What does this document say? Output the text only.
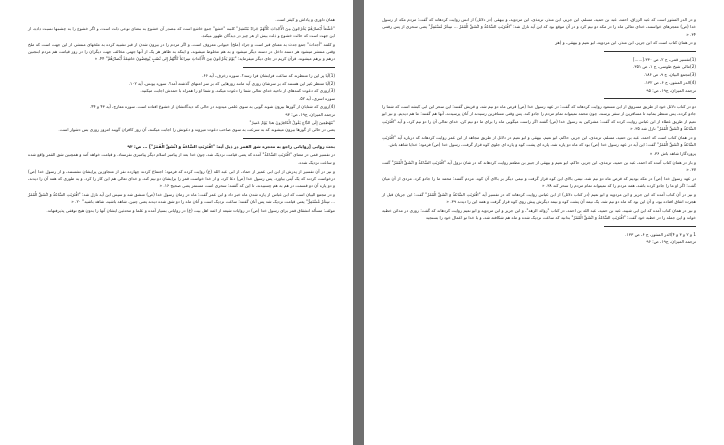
همان داوری و پاداش و کیفر است.

"خُشَّعاً أَبْصارُهُمْ يَخْرُجُونَ مِنَ الْأَجْداثِ كَأَنَّهُمْ جَرادٌ مُنْتَشِرٌ" کلمه "خشع" جمع خاشع است که مصدر آن خشوع به معنای نوعی ذلت است، و اگر خشوع را به چشمها نسبت داده، از این جهت است که حالت خشوع و ذلت بیش از هر چیز در دیدگان ظهور میکند.

و کلمه "أجداث" جمع جدث به معنای قبر است و جراد (ملخ) حیوانی معروف است، و اگر مردم را در بیرون شدن از قبر تشبیه کرده به ملخهای منتشر، از این جهت است که ملخ وقتی منتشر میشود هر دسته داخل در دسته دیگر میشود و به هم مخلوط میشوند، و اینکه به ظاهر هر یک از آنها جهتی مخالف جهت دیگران را در روز قیامت هم مردم ابنجنین درهم و برهم میشوند. قرآن کریم در جای دیگر میفرماید: "يَوْمَ يَخْرُجُونَ مِنَ الْأَجْداثِ سِراعاً كَأَنَّهُمْ إِلى نُصُبٍ يُوفِضُونَ خاشِعَةً أَبْصارُهُمْ" ۴۴. «

(1)آیا پر این را منتظرند که ساعت فرابشان فرا رسد؟. سوره زخرف، آیه ۶۶.

(2)آیا منتظر غیر این هستند که بر سرشان روزی آید مانند روزهایی که بر سر امتهای گذشته آمد؟. سوره یونس، آیه ۱۰۲.

(3)روزی که دعوت کنندهای از ناحیه خدای تعالی شما را دعوت میکند، و شما او را همراه با حمدش اجابت میکنید.

سوره اسری، آیه ۵۲.

(4)روزی که شتابان از گورها بیرون شوند گویی به سوی علمی میدوند در حالی که دیدگانشان از خشوع افتاده است. سوره معارج، آیه ۴۳ و ۴۴.

ترجمه المیزان، ج۱۹، ص: ۹۳

"مُهْطِعِينَ إِلَى الدَّاعِ يَقُولُ الْكافِرُونَ هذا يَوْمٌ عَسِرٌ"

یعنی در حالی از گورها بیرون میشوند که به سرعت به سوی صاحب دعوت میروند و دعوتش را اجابت میکنند، آن روز کافران گویند امروز روزی بس دشوار است.

بحث روایی [روایاتی راجع به معجزه شق القمر در ذیل آیه: "اقْتَرَبَتِ السَّاعَةُ وَ انْشَقَّ الْقَمَرُ"] ... ص: ۹۳

در تفسیر قمی در معنای "اقْتَرَبَتِ السَّاعَةُ" آمده که یعنی قیامت نزدیک شد، چون خدا بعد از پیامبر اسلام دیگر پیامبری نفرستاد. و قیامت خواهد آمد و همچنین شق القمر واقع شده و ساعت نزدیک شده.

و نیز در آن تفسیر از پدرش از ابن ابی عمیر از حماد، از ابی عبد الله (ع) روایت کرده که فرمود: اجتماع کردند چهارده نفر از متجاوزین پرایشان نشستند، و از رسول خدا (ص) درخواست کردند که یک آیتی بیاورد. پس رسول خدا (ص) دعا کرد، و از خدا خواست قمر را برایشان دو نیم کند، و خدای تعالی هم این کار را کرد. و به طوری که همه آن را دیدند، و دو پاره آن دو قسمت در هم به هم چسبیدند، تا این که گفتند: سحری است مستمر یعنی صحیح ۱۶. «

و در مجمع البیان است که ابن عباس از پاره شدن ماه خبر داد و ابن عمر گفت: ماه در زمان رسول خدا (ص) منشق شد و سپس این آیه نازل شد: "اقْتَرَبَتِ السَّاعَةُ وَ انْشَقَّ الْقَمَرُ ... سِحْرٌ مُسْتَمِرٌّ" یعنی قیامت نزدیک شد پس آنان گفتند: ساعت نزدیک است و آنان ماه را دو شق شده دیدند یعنی چنین. شاهد باشید، شاهد باشید" ۲۰. «

مولف: مسأله انشقاق قمر برای رسول خدا (ص) در روایات شیعه از ائمه اهل بیت (ع) در روایاتی بسیار آمده و علما و محدثین ایشان آنها را بدون هیچ توقفی پذیرفتهاند.

و در الدر المنثور است که عبد الرزاق، احمد، عبد بن حمید، مسلم، ابن جریر، ابن منذر، ترمذی، ابن مردویه، و بیهقی (در دلائل) از انس روایت کردهاند که گفت: مردم مکه از رسول خدا (ص) معجزهای خواستند، خدای تعالی ماه را در مکه دو نیم کرد و در آن موقع بود که این آیه نازل شد: "اقْتَرَبَتِ السَّاعَةُ وَ انْشَقَّ الْقَمَرُ ... سِحْرٌ مُسْتَمِرٌّ" یعنی سحری از پس رفتنی ۳۴. «

و در همان کتاب است که ابن جریر، ابن منذر، ابن مردویه، ابو نعیم و بیهقی، و (هر

(1)تفسیر قمی، ج ۲، ص ۳۳۰.[......]

(2)مالی شیخ طوسی، ج ۱، ص ۳۵۱.

(3)مجمع البیان، ج ۹، ص ۱۸۶.

(4)الدر المنثور، ج ۶، ص ۱۳۲.

ترجمه المیزان، ج۱۹، ص: ۹۵

دو در کتاب دلائل خود از طریق مسروق از ابن مسعود روایت کردهاند که گفت: در عهد رسول خدا (ص) قرص ماه دو نیم شد، و قریش گفتند: این سحر ابن ابی کبشه است که شما را جادو کرده، پس منتظر بمانید تا مسافرین از سفر برسند، چون محمد نمیتواند تمام مردم را جادو کند. پس وقتی مسافرین رسیدند از آنان پرسیدند، آنها هم گفتند: ما هم دیدیم. و نیز ابو نعیم از طریق عطاء از ابن عباس روایت کرده که گفت: مشرکین به رسول خدا (ص) گفتند اگر راست میگویی ماه را برای ما دو نیم کن، خدای تعالی آن را دو نیم کرد، و آیه "اقْتَرَبَتِ السَّاعَةُ وَ انْشَقَّ الْقَمَرُ" نازل شد ۳۵. «

و در همان کتاب است که احمد، عبد بن حمید، مسلم، ترمذی، ابن جریر، حاکم، ابو نعیم، بیهقی و ابو نعیم در دلائل از طریق مجاهد از ابن عمر روایت کردهاند که درباره آیه "اقْتَرَبَتِ السَّاعَةُ وَ انْشَقَّ الْقَمَرُ" گفت: این آیه در عهد رسول خدا (ص) بود که ماه دو پاره شد، پاره ای پشت کوه و پاره ای جلوی کوه قرار گرفت، رسول خدا (ص) فرمود: خدایا شاهد باش.

پروردگارا شاهد باش ۳۶. «

و باز در همان کتاب آمده که احمد، عبد بن حمید، ترمذی، ابن جریر، حاکم، ابو نعیم و بیهقی از جبیر بن مطعم روایت کردهاند که در شان نزول آیه "اقْتَرَبَتِ السَّاعَةُ وَ انْشَقَّ الْقَمَرُ" گفت ۳۷. «

در عهد رسول خدا (ص) در مکه بودیم که قرص ماه دو نیم شد، نیمی بالای این کوه قرار گرفت و نیمی دیگر بر بالای آن کوه. مردم گفتند: محمد ما را جادو کرد. مردی از آن میان گفت: اگر او ما را جادو کرده باشد، همه مردم را که نمیتواند تمام مردم را سحر کند ۳۸. «

و نیز در آن کتاب آمده که ابن جریر و ابن مردویه و ابو نعیم (در کتاب دلائل) از ابن عباس روایت کردهاند که در تفسیر آیه "اقْتَرَبَتِ السَّاعَةُ وَ انْشَقَّ الْقَمَرُ" گفت: این جریان قبل از هجرت اتفاق افتاده بود، و آن این بود که ماه دو نیم شد، یک نیمه آن پشت کوه و نیمه دیگرش پیش روی کوه قرار گرفت و همه این را دیدند ۳۹. «

و نیز در همان کتاب آمده که ابن ابی شیبه، عبد بن حمید، عبد الله بن احمد، در کتاب "زوائد الزهد"، و ابن جریر و ابن مردویه و ابو نعیم روایت کردهاند که گفت: روزی در مدائن خطبه خواند و این جمله را در خطبه خود گفت: "اقْتَرَبَتِ السَّاعَةُ وَ انْشَقَّ الْقَمَرُ" بدانید که ساعت نزدیک شده و ماه هم شکافته شد، و با خدا تو اعمال خود را بسنجید

1 و ۲ و ۳ و ۴)الدر المنثور، ج ۶، ص ۱۳۳.

ترجمه المیزان، ج۱۹، ص: ۹۶
